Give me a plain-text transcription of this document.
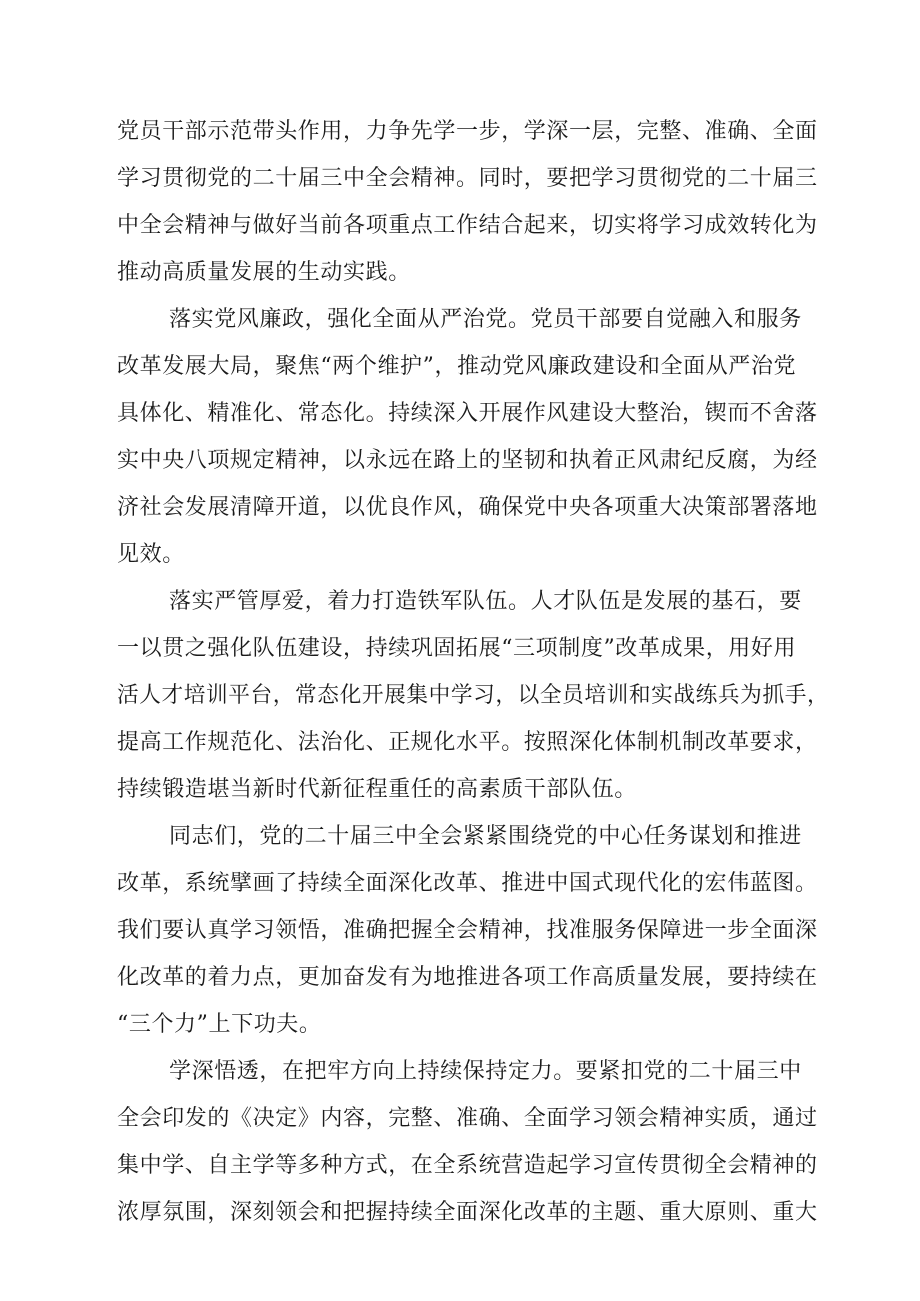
党员干部示范带头作用，力争先学一步，学深一层，完整、准确、全面
学习贯彻党的二十届三中全会精神。同时，要把学习贯彻党的二十届三
中全会精神与做好当前各项重点工作结合起来，切实将学习成效转化为
推动高质量发展的生动实践。
落实党风廉政，强化全面从严治党。党员干部要自觉融入和服务
改革发展大局，聚焦“两个维护”，推动党风廉政建设和全面从严治党
具体化、精准化、常态化。持续深入开展作风建设大整治，锲而不舍落
实中央八项规定精神，以永远在路上的坚韧和执着正风肃纪反腐，为经
济社会发展清障开道，以优良作风，确保党中央各项重大决策部署落地
见效。
落实严管厚爱，着力打造铁军队伍。人才队伍是发展的基石，要
一以贯之强化队伍建设，持续巩固拓展“三项制度”改革成果，用好用
活人才培训平台，常态化开展集中学习，以全员培训和实战练兵为抓手，
提高工作规范化、法治化、正规化水平。按照深化体制机制改革要求，
持续锻造堪当新时代新征程重任的高素质干部队伍。
同志们，党的二十届三中全会紧紧围绕党的中心任务谋划和推进
改革，系统擘画了持续全面深化改革、推进中国式现代化的宏伟蓝图。
我们要认真学习领悟，准确把握全会精神，找准服务保障进一步全面深
化改革的着力点，更加奋发有为地推进各项工作高质量发展，要持续在
“三个力”上下功夫。
学深悟透，在把牢方向上持续保持定力。要紧扣党的二十届三中
全会印发的《决定》内容，完整、准确、全面学习领会精神实质，通过
集中学、自主学等多种方式，在全系统营造起学习宣传贯彻全会精神的
浓厚氛围，深刻领会和把握持续全面深化改革的主题、重大原则、重大
